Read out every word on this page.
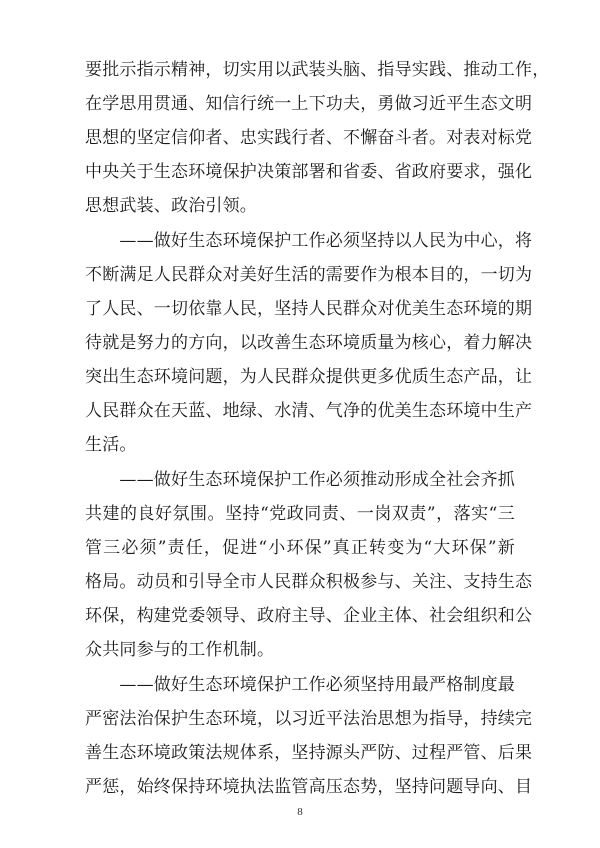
要批示指示精神，切实用以武装头脑、指导实践、推动工作，
在学思用贯通、知信行统一上下功夫，勇做习近平生态文明
思想的坚定信仰者、忠实践行者、不懈奋斗者。对表对标党
中央关于生态环境保护决策部署和省委、省政府要求，强化
思想武装、政治引领。
　　——做好生态环境保护工作必须坚持以人民为中心，将
不断满足人民群众对美好生活的需要作为根本目的，一切为
了人民、一切依靠人民，坚持人民群众对优美生态环境的期
待就是努力的方向，以改善生态环境质量为核心，着力解决
突出生态环境问题，为人民群众提供更多优质生态产品，让
人民群众在天蓝、地绿、水清、气净的优美生态环境中生产
生活。
　　——做好生态环境保护工作必须推动形成全社会齐抓
共建的良好氛围。坚持“党政同责、一岗双责”，落实“三
管三必须”责任，促进“小环保”真正转变为“大环保”新
格局。动员和引导全市人民群众积极参与、关注、支持生态
环保，构建党委领导、政府主导、企业主体、社会组织和公
众共同参与的工作机制。
　　——做好生态环境保护工作必须坚持用最严格制度最
严密法治保护生态环境，以习近平法治思想为指导，持续完
善生态环境政策法规体系，坚持源头严防、过程严管、后果
严惩，始终保持环境执法监管高压态势，坚持问题导向、目
8
